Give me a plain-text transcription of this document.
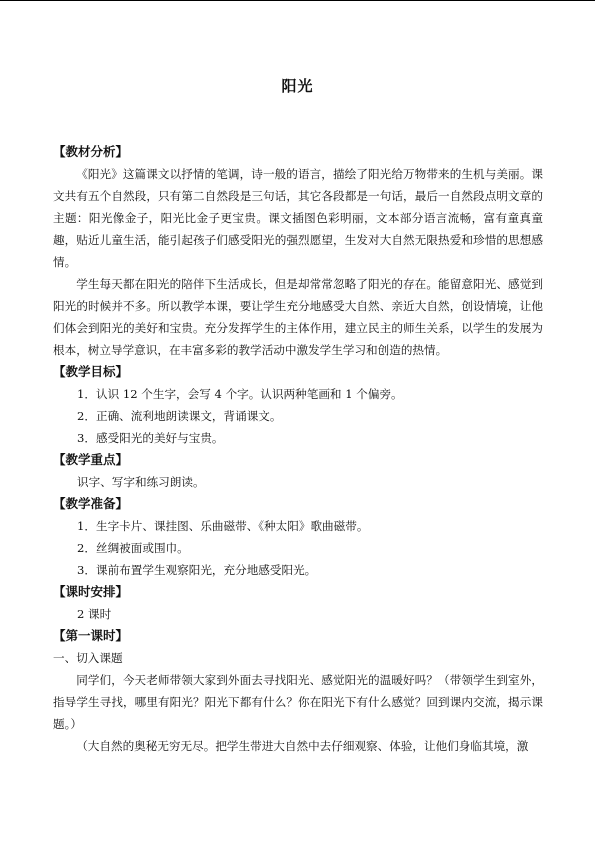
阳光
【教材分析】

《阳光》这篇课文以抒情的笔调，诗一般的语言，描绘了阳光给万物带来的生机与美丽。课文共有五个自然段，只有第二自然段是三句话，其它各段都是一句话，最后一自然段点明文章的主题：阳光像金子，阳光比金子更宝贵。课文插图色彩明丽，文本部分语言流畅，富有童真童趣，贴近儿童生活，能引起孩子们感受阳光的强烈愿望，生发对大自然无限热爱和珍惜的思想感情。

学生每天都在阳光的陪伴下生活成长，但是却常常忽略了阳光的存在。能留意阳光、感觉到阳光的时候并不多。所以教学本课，要让学生充分地感受大自然、亲近大自然，创设情境，让他们体会到阳光的美好和宝贵。充分发挥学生的主体作用，建立民主的师生关系，以学生的发展为根本，树立导学意识，在丰富多彩的教学活动中激发学生学习和创造的热情。

【教学目标】

1．认识 12 个生字，会写 4 个字。认识两种笔画和 1 个偏旁。

2．正确、流利地朗读课文，背诵课文。

3．感受阳光的美好与宝贵。

【教学重点】

识字、写字和练习朗读。

【教学准备】

1．生字卡片、课挂图、乐曲磁带、《种太阳》歌曲磁带。

2．丝绸被面或围巾。

3．课前布置学生观察阳光，充分地感受阳光。

【课时安排】

2 课时

【第一课时】

一、切入课题

同学们，今天老师带领大家到外面去寻找阳光、感觉阳光的温暖好吗？（带领学生到室外，指导学生寻找，哪里有阳光？阳光下都有什么？你在阳光下有什么感觉？回到课内交流，揭示课题。）

（大自然的奥秘无穷无尽。把学生带进大自然中去仔细观察、体验，让他们身临其境，激
